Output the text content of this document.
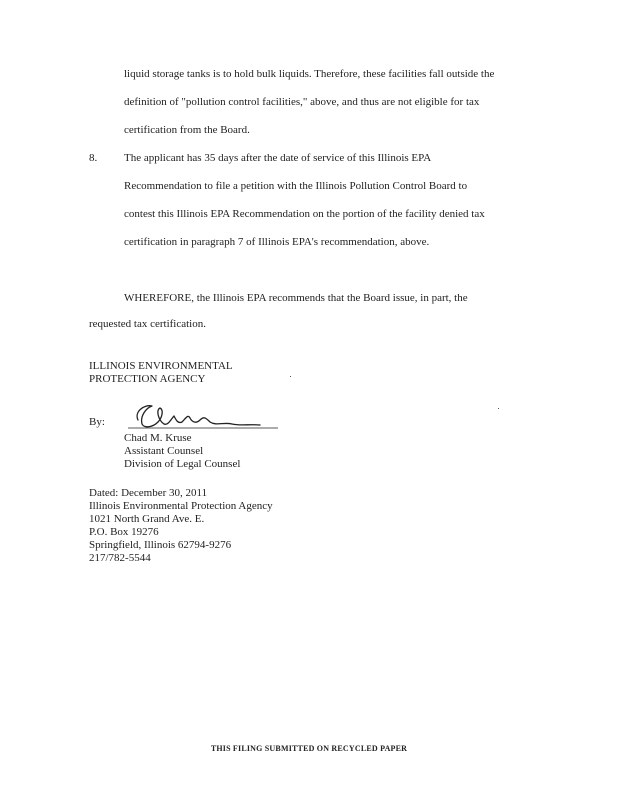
liquid storage tanks is to hold bulk liquids. Therefore, these facilities fall outside the
definition of "pollution control facilities," above, and thus are not eligible for tax
certification from the Board.
8. The applicant has 35 days after the date of service of this Illinois EPA
Recommendation to file a petition with the Illinois Pollution Control Board to
contest this Illinois EPA Recommendation on the portion of the facility denied tax
certification in paragraph 7 of Illinois EPA's recommendation, above.
WHEREFORE, the Illinois EPA recommends that the Board issue, in part, the
requested tax certification.
ILLINOIS ENVIRONMENTAL
PROTECTION AGENCY
By:
Chad M. Kruse
Assistant Counsel
Division of Legal Counsel
Dated: December 30, 2011
Illinois Environmental Protection Agency
1021 North Grand Ave. E.
P.O. Box 19276
Springfield, Illinois 62794-9276
217/782-5544
THIS FILING SUBMITTED ON RECYCLED PAPER
